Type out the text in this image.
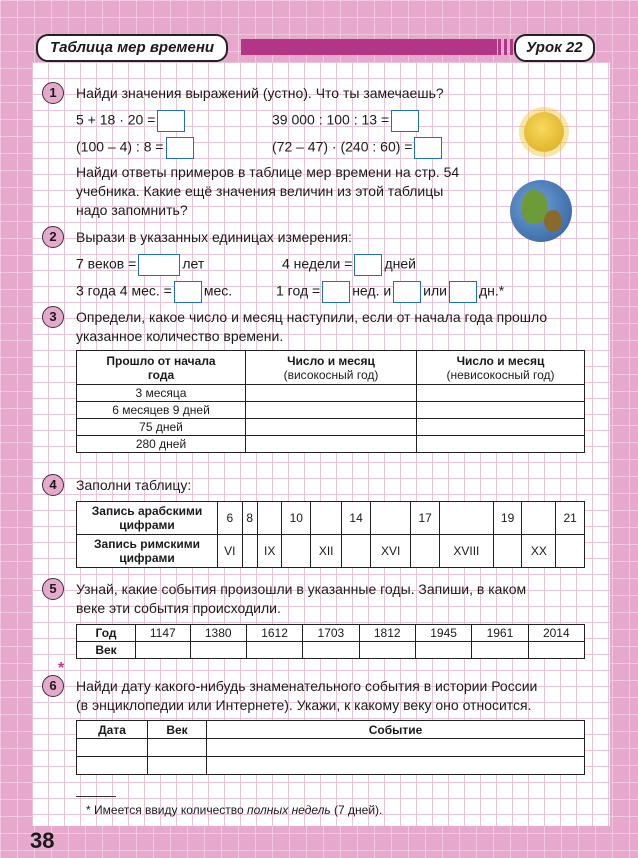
Таблица мер времени	Урок 22
1	Найди значения выражений (устно). Что ты замечаешь?
5 + 18 · 20 =	39 000 : 100 : 13 =
(100 – 4) : 8 =	(72 – 47) · (240 : 60) =
Найди ответы примеров в таблице мер времени на стр. 54
учебника. Какие ещё значения величин из этой таблицы
надо запомнить?
2	Вырази в указанных единицах измерения:
7 веков =	лет	4 недели = дней
3 года 4 мес. = мес.	1 год = нед. и или дн.*
3	Определи, какое число и месяц наступили, если от начала года прошло
указанное количество времени.
Прошло от начала
года	Число и месяц
(високосный год)	Число и месяц
(невисокосный год)
3 месяца		
6 месяцев 9 дней		
75 дней		
280 дней		
4	Заполни таблицу:
Запись арабскими
цифрами	6	8		10		14		17		19		21
Запись римскими
цифрами	VI		IX		XII		XVI		XVIII		XX	
5	Узнай, какие события произошли в указанные годы. Запиши, в каком
веке эти события происходили.
Год	1147	1380	1612	1703	1812	1945	1961	2014
Век								
*
6	Найди дату какого-нибудь знаменательного события в истории России
(в энциклопедии или Интернете). Укажи, к какому веку оно относится.
Дата	Век	Событие

* Имеется ввиду количество полных недель (7 дней).
38
